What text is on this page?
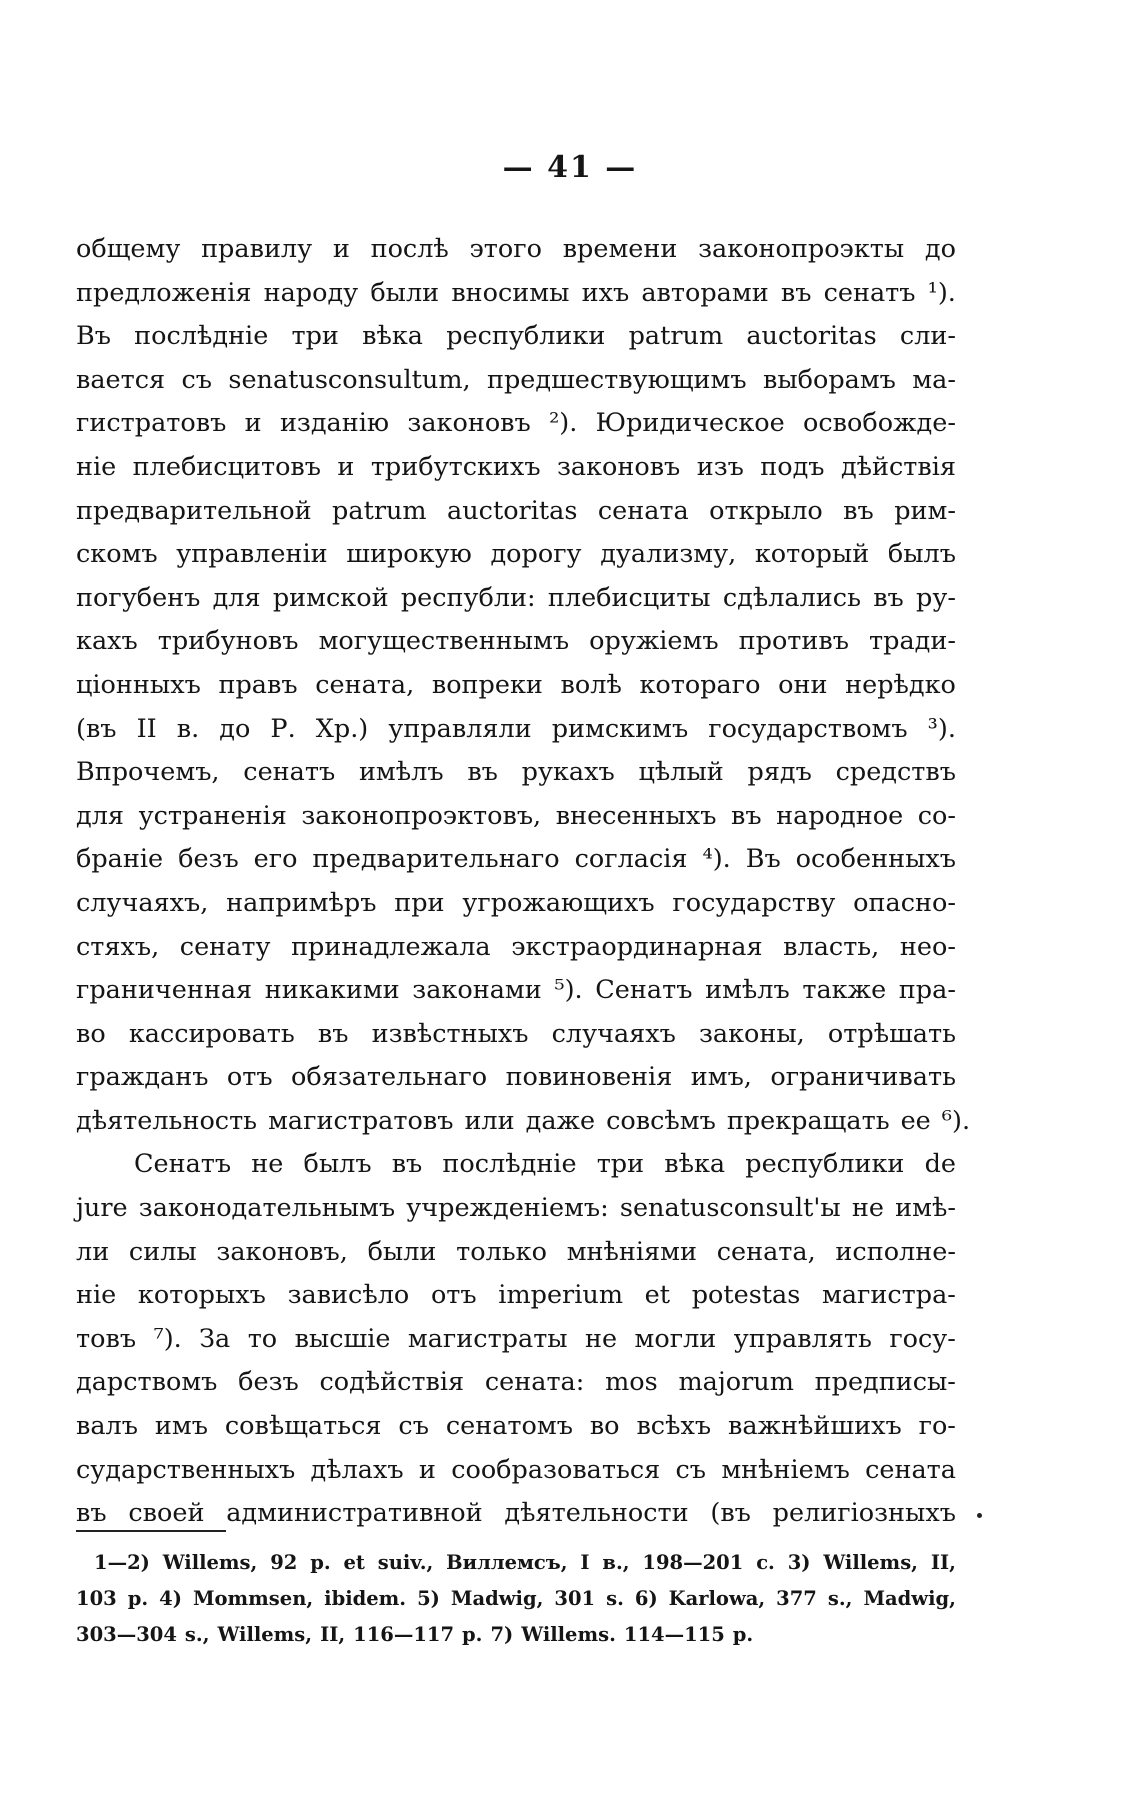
— 41 —
общему правилу и послѣ этого времени законопроэкты до
предложенія народу были вносимы ихъ авторами въ сенатъ ¹).
Въ послѣдніе три вѣка республики patrum auctoritas сли-
вается съ senatusconsultum, предшествующимъ выборамъ ма-
гистратовъ и изданію законовъ ²). Юридическое освобожде-
ніе плебисцитовъ и трибутскихъ законовъ изъ подъ дѣйствія
предварительной patrum auctoritas сената открыло въ рим-
скомъ управленіи широкую дорогу дуализму, который былъ
погубенъ для римской республи: плебисциты сдѣлались въ ру-
кахъ трибуновъ могущественнымъ оружіемъ противъ тради-
ціонныхъ правъ сената, вопреки волѣ котораго они нерѣдко
(въ II в. до Р. Хр.) управляли римскимъ государствомъ ³).
Впрочемъ, сенатъ имѣлъ въ рукахъ цѣлый рядъ средствъ
для устраненія законопроэктовъ, внесенныхъ въ народное со-
браніе безъ его предварительнаго согласія ⁴). Въ особенныхъ
случаяхъ, напримѣръ при угрожающихъ государству опасно-
стяхъ, сенату принадлежала экстраординарная власть, нео-
граниченная никакими законами ⁵). Сенатъ имѣлъ также пра-
во кассировать въ извѣстныхъ случаяхъ законы, отрѣшать
гражданъ отъ обязательнаго повиновенія имъ, ограничивать
дѣятельность магистратовъ или даже совсѣмъ прекращать ее ⁶).
Сенатъ не былъ въ послѣдніе три вѣка республики de
jure законодательнымъ учрежденіемъ: senatusconsult'ы не имѣ-
ли силы законовъ, были только мнѣніями сената, исполне-
ніе которыхъ зависѣло отъ imperium et potestas магистра-
товъ ⁷). За то высшіе магистраты не могли управлять госу-
дарствомъ безъ содѣйствія сената: mos majorum предписы-
валъ имъ совѣщаться съ сенатомъ во всѣхъ важнѣйшихъ го-
сударственныхъ дѣлахъ и сообразоваться съ мнѣніемъ сената
въ своей административной дѣятельности (въ религіозныхъ
1—2) Willems, 92 p. et suiv., Виллемсъ, I в., 198—201 с. 3) Willems, II,
103 p. 4) Mommsen, ibidem. 5) Madwig, 301 s. 6) Karlowa, 377 s., Madwig,
303—304 s., Willems, II, 116—117 p. 7) Willems. 114—115 p.
